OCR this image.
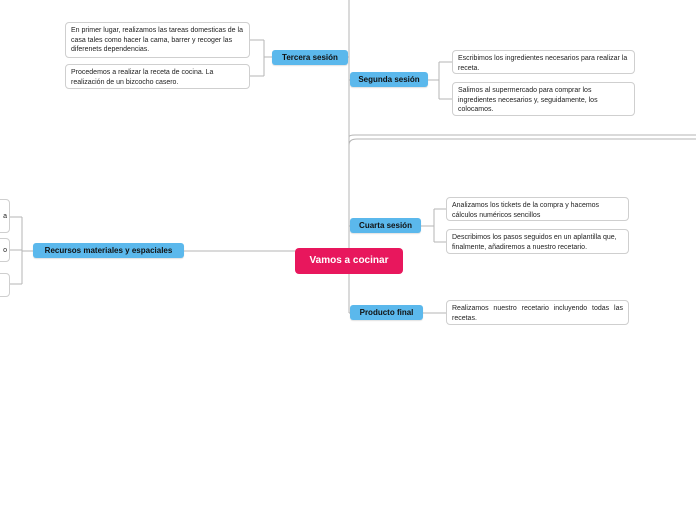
Vamos a cocinar
Tercera sesión
Segunda sesión
Cuarta sesión
Producto final
Recursos materiales y espaciales
En primer lugar, realizamos las tareas domesticas de la casa tales como hacer la cama, barrer y recoger las diferenets dependencias.
Procedemos a realizar la receta de cocina. La realización de un bizcocho casero.
Escribimos los ingredientes necesarios para realizar la receta.
Salimos al supermercado para comprar los ingredientes necesarios y, seguidamente, los colocamos.
Analizamos los tickets de la compra y hacemos cálculos numéricos sencillos
Describimos los pasos seguidos en un aplantilla que, finalmente, añadiremos a nuestro recetario.
Realizamos nuestro recetario incluyendo todas las recetas.
a
o
